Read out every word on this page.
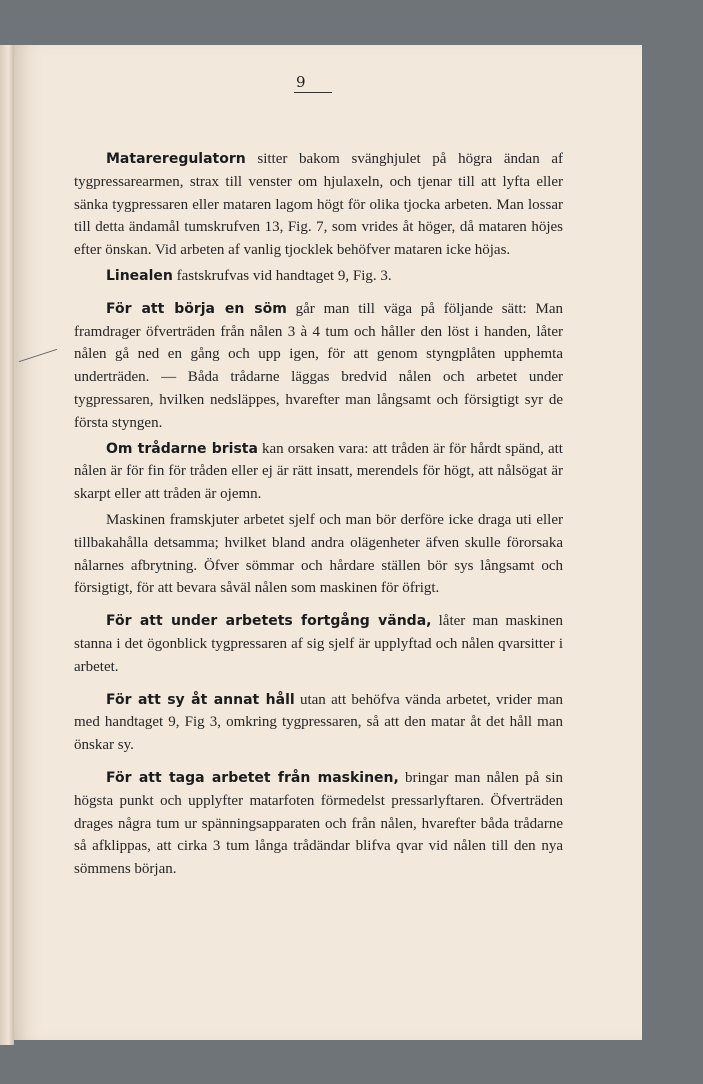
9

Matareregulatorn sitter bakom svänghjulet på högra ändan af tygpressarearmen, strax till venster om hjulaxeln, och tjenar till att lyfta eller sänka tygpressaren eller mataren lagom högt för olika tjocka arbeten. Man lossar till detta ändamål tumskrufven 13, Fig. 7, som vrides åt höger, då mataren höjes efter önskan. Vid arbeten af vanlig tjocklek behöfver mataren icke höjas.

Linealen fastskrufvas vid handtaget 9, Fig. 3.

För att börja en söm går man till väga på följande sätt: Man framdrager öfverträden från nålen 3 à 4 tum och håller den löst i handen, låter nålen gå ned en gång och upp igen, för att genom styngplåten upphemta underträden. — Båda trådarne läggas bredvid nålen och arbetet under tygpressaren, hvilken nedsläppes, hvarefter man långsamt och försigtigt syr de första styngen.

Om trådarne brista kan orsaken vara: att tråden är för hårdt spänd, att nålen är för fin för tråden eller ej är rätt insatt, merendels för högt, att nålsögat är skarpt eller att tråden är ojemn.

Maskinen framskjuter arbetet sjelf och man bör derföre icke draga uti eller tillbakahålla detsamma; hvilket bland andra olägenheter äfven skulle förorsaka nålarnes afbrytning. Öfver sömmar och hårdare ställen bör sys långsamt och försigtigt, för att bevara såväl nålen som maskinen för öfrigt.

För att under arbetets fortgång vända, låter man maskinen stanna i det ögonblick tygpressaren af sig sjelf är upplyftad och nålen qvarsitter i arbetet.

För att sy åt annat håll utan att behöfva vända arbetet, vrider man med handtaget 9, Fig 3, omkring tygpressaren, så att den matar åt det håll man önskar sy.

För att taga arbetet från maskinen, bringar man nålen på sin högsta punkt och upplyfter matarfoten förmedelst pressarlyftaren. Öfverträden drages några tum ur spänningsapparaten och från nålen, hvarefter båda trådarne så afklippas, att cirka 3 tum långa trådändar blifva qvar vid nålen till den nya sömmens början.
